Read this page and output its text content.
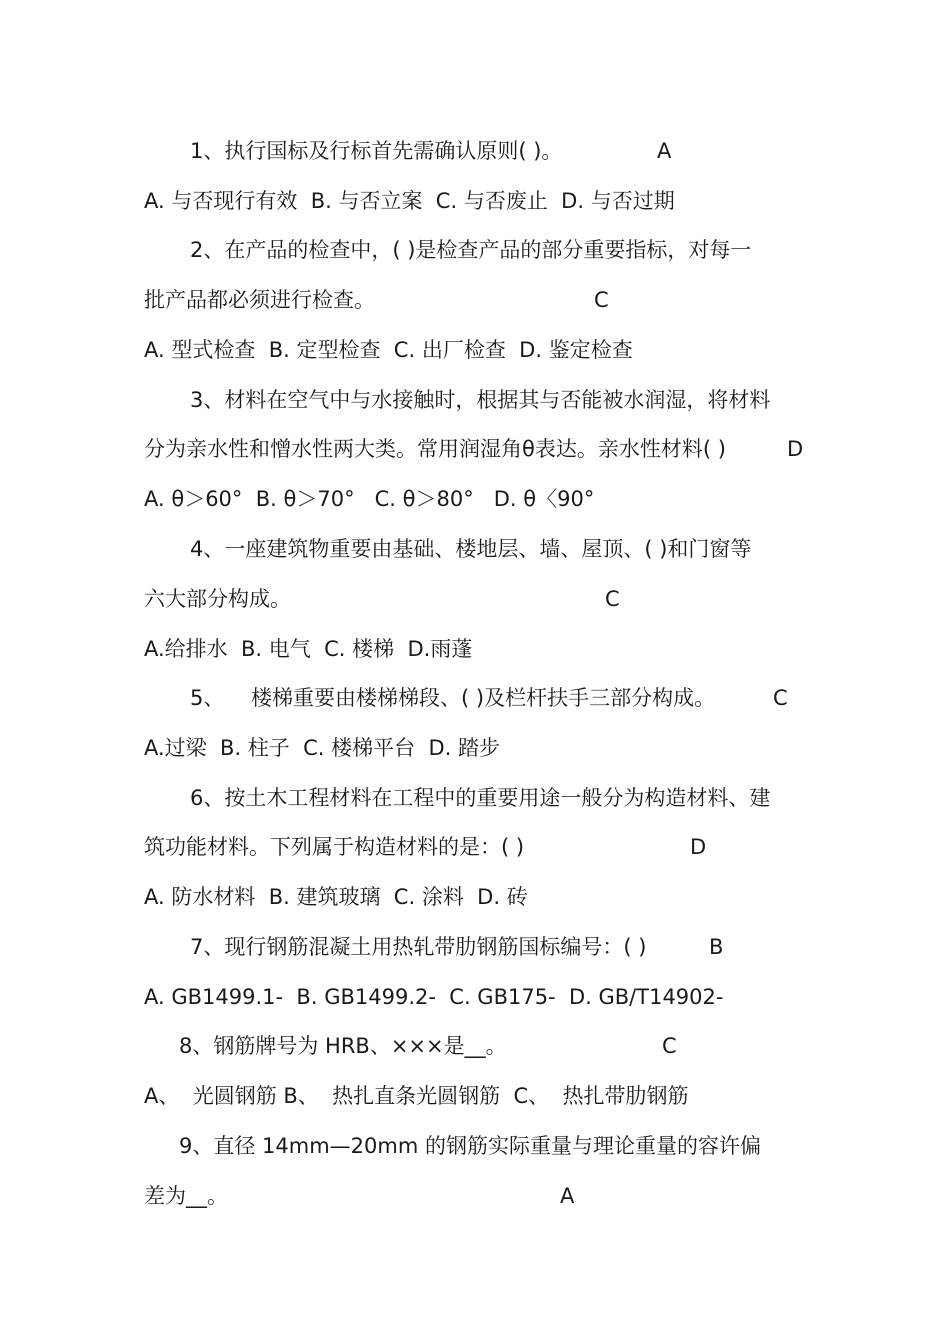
1、执行国标及行标首先需确认原则( )。	A
A. 与否现行有效  B. 与否立案  C. 与否废止  D. 与否过期
2、在产品的检查中，( )是检查产品的部分重要指标，对每一
批产品都必须进行检查。	C
A. 型式检查  B. 定型检查  C. 出厂检查  D. 鉴定检查
3、材料在空气中与水接触时，根据其与否能被水润湿，将材料
分为亲水性和憎水性两大类。常用润湿角θ表达。亲水性材料( )	D
A. θ＞60°  B. θ＞70°   C. θ＞80°   D. θ〈90°
4、一座建筑物重要由基础、楼地层、墙、屋顶、( )和门窗等
六大部分构成。	C
A.给排水  B. 电气  C. 楼梯  D.雨蓬
5、    楼梯重要由楼梯梯段、( )及栏杆扶手三部分构成。	C
A.过梁  B. 柱子  C. 楼梯平台  D. 踏步
6、按土木工程材料在工程中的重要用途一般分为构造材料、建
筑功能材料。下列属于构造材料的是：( )	D
A. 防水材料  B. 建筑玻璃  C. 涂料  D. 砖
7、现行钢筋混凝土用热轧带肋钢筋国标编号：( )	B
A. GB1499.1-  B. GB1499.2-  C. GB175-  D. GB/T14902-
8、钢筋牌号为 HRB、×××是__。	C
A、  光圆钢筋 B、  热扎直条光圆钢筋  C、  热扎带肋钢筋
9、直径 14mm—20mm 的钢筋实际重量与理论重量的容许偏
差为__。	A
